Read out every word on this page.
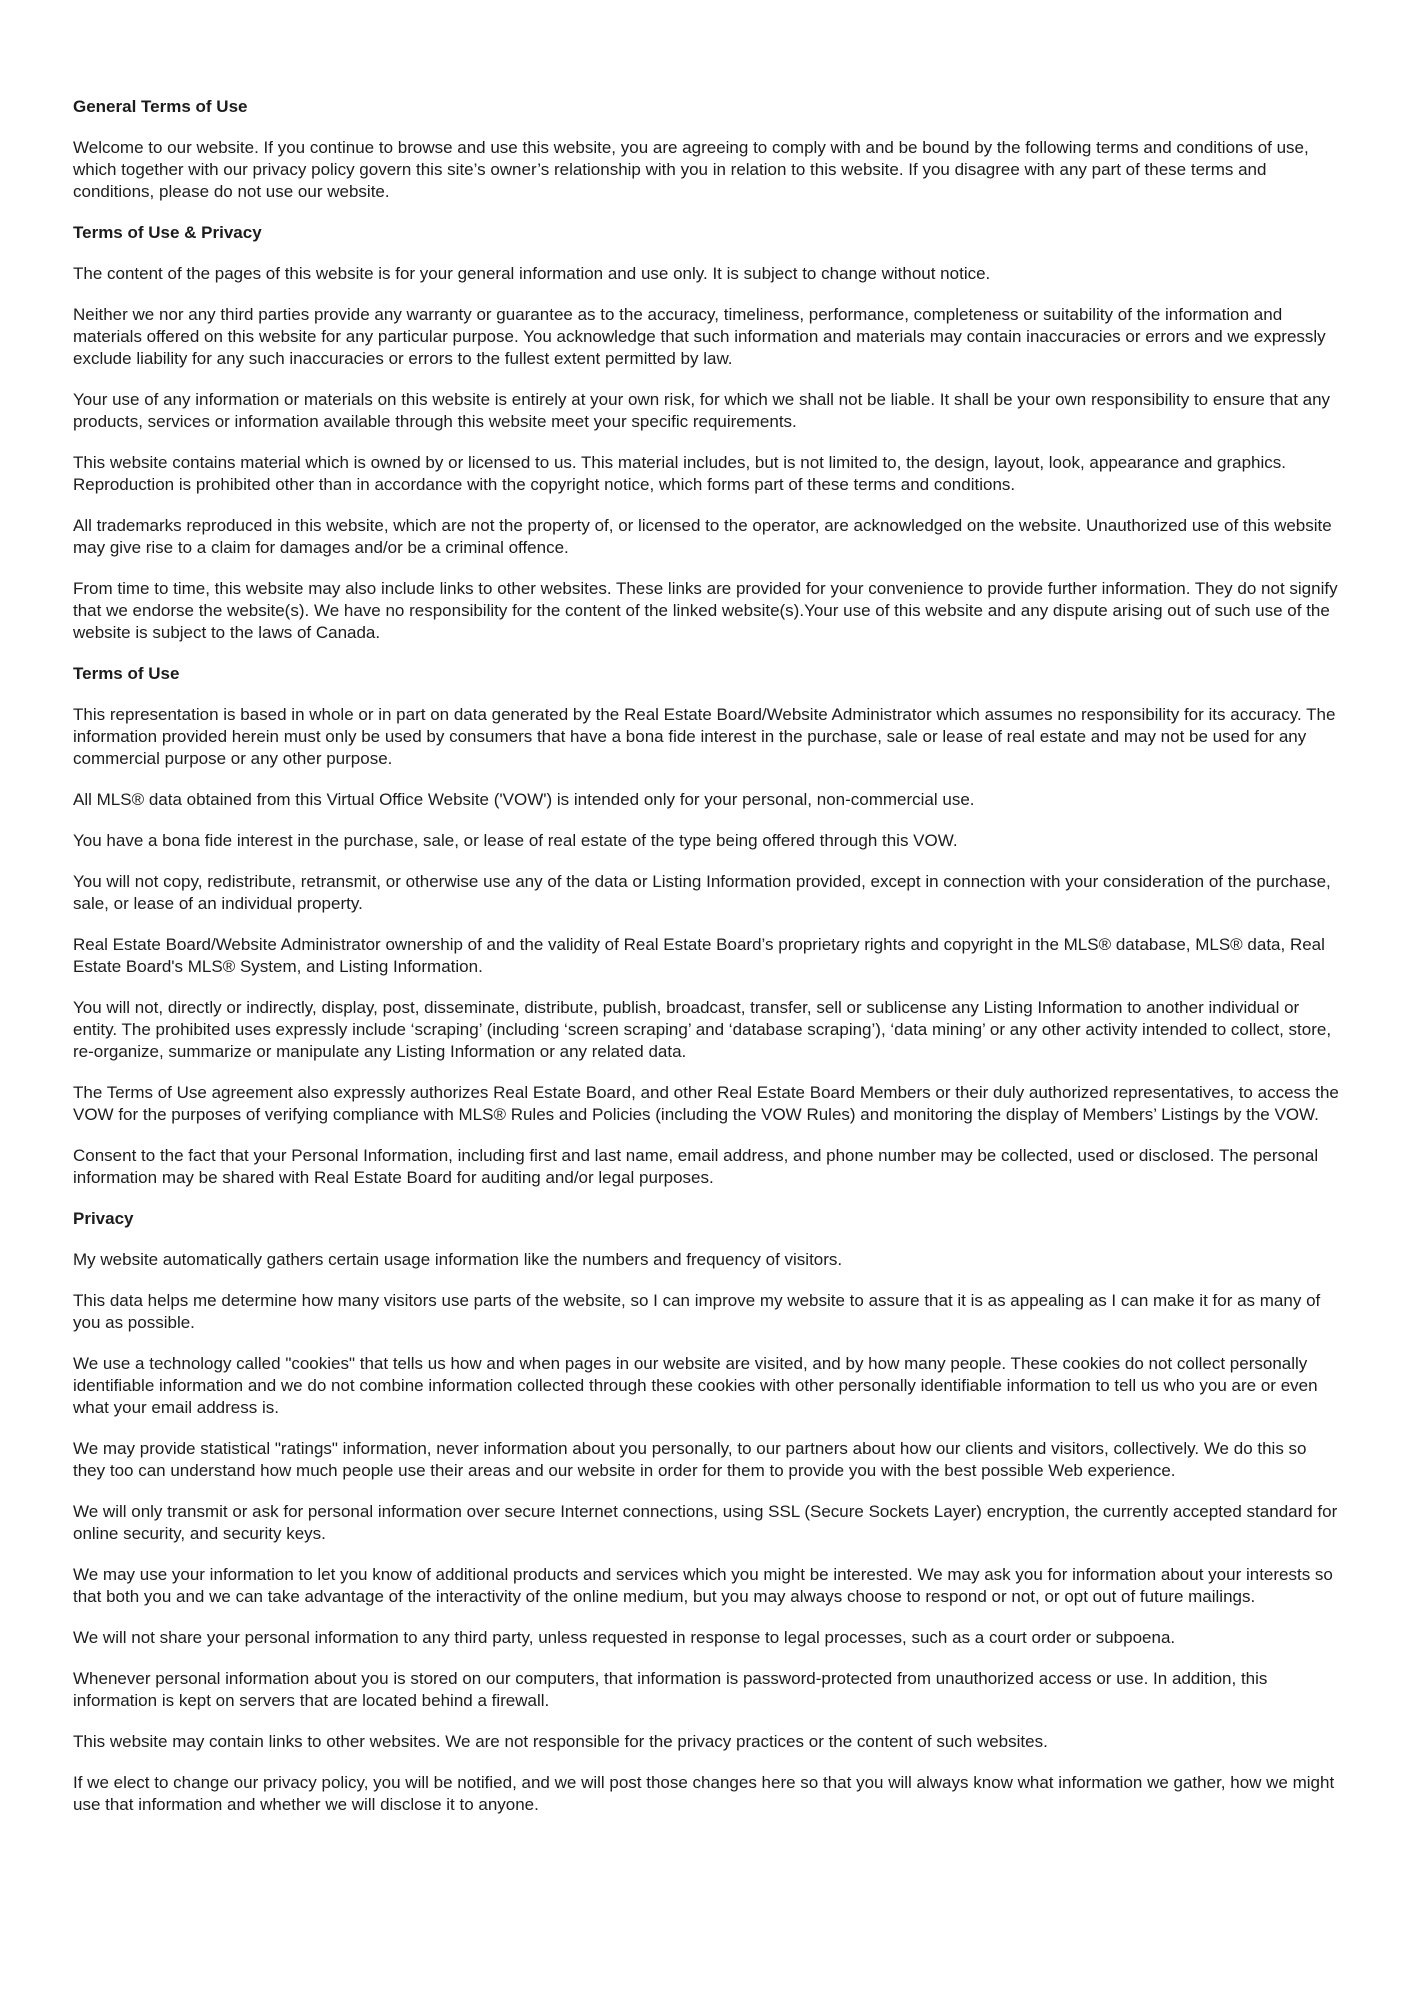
General Terms of Use

Welcome to our website. If you continue to browse and use this website, you are agreeing to comply with and be bound by the following terms and conditions of use, which together with our privacy policy govern this site’s owner’s relationship with you in relation to this website. If you disagree with any part of these terms and conditions, please do not use our website.

Terms of Use & Privacy

The content of the pages of this website is for your general information and use only. It is subject to change without notice.

Neither we nor any third parties provide any warranty or guarantee as to the accuracy, timeliness, performance, completeness or suitability of the information and materials offered on this website for any particular purpose. You acknowledge that such information and materials may contain inaccuracies or errors and we expressly exclude liability for any such inaccuracies or errors to the fullest extent permitted by law.

Your use of any information or materials on this website is entirely at your own risk, for which we shall not be liable. It shall be your own responsibility to ensure that any products, services or information available through this website meet your specific requirements.

This website contains material which is owned by or licensed to us. This material includes, but is not limited to, the design, layout, look, appearance and graphics. Reproduction is prohibited other than in accordance with the copyright notice, which forms part of these terms and conditions.

All trademarks reproduced in this website, which are not the property of, or licensed to the operator, are acknowledged on the website. Unauthorized use of this website may give rise to a claim for damages and/or be a criminal offence.

From time to time, this website may also include links to other websites. These links are provided for your convenience to provide further information. They do not signify that we endorse the website(s). We have no responsibility for the content of the linked website(s).Your use of this website and any dispute arising out of such use of the website is subject to the laws of Canada.

Terms of Use

This representation is based in whole or in part on data generated by the Real Estate Board/Website Administrator which assumes no responsibility for its accuracy. The information provided herein must only be used by consumers that have a bona fide interest in the purchase, sale or lease of real estate and may not be used for any commercial purpose or any other purpose.

All MLS® data obtained from this Virtual Office Website ('VOW') is intended only for your personal, non-commercial use.

You have a bona fide interest in the purchase, sale, or lease of real estate of the type being offered through this VOW.

You will not copy, redistribute, retransmit, or otherwise use any of the data or Listing Information provided, except in connection with your consideration of the purchase, sale, or lease of an individual property.

Real Estate Board/Website Administrator ownership of and the validity of Real Estate Board’s proprietary rights and copyright in the MLS® database, MLS® data, Real Estate Board's MLS® System, and Listing Information.

You will not, directly or indirectly, display, post, disseminate, distribute, publish, broadcast, transfer, sell or sublicense any Listing Information to another individual or entity. The prohibited uses expressly include ‘scraping’ (including ‘screen scraping’ and ‘database scraping’), ‘data mining’ or any other activity intended to collect, store, re-organize, summarize or manipulate any Listing Information or any related data.

The Terms of Use agreement also expressly authorizes Real Estate Board, and other Real Estate Board Members or their duly authorized representatives, to access the VOW for the purposes of verifying compliance with MLS® Rules and Policies (including the VOW Rules) and monitoring the display of Members’ Listings by the VOW.

Consent to the fact that your Personal Information, including first and last name, email address, and phone number may be collected, used or disclosed. The personal information may be shared with Real Estate Board for auditing and/or legal purposes.

Privacy

My website automatically gathers certain usage information like the numbers and frequency of visitors.

This data helps me determine how many visitors use parts of the website, so I can improve my website to assure that it is as appealing as I can make it for as many of you as possible.

We use a technology called "cookies" that tells us how and when pages in our website are visited, and by how many people. These cookies do not collect personally identifiable information and we do not combine information collected through these cookies with other personally identifiable information to tell us who you are or even what your email address is.

We may provide statistical "ratings" information, never information about you personally, to our partners about how our clients and visitors, collectively. We do this so they too can understand how much people use their areas and our website in order for them to provide you with the best possible Web experience.

We will only transmit or ask for personal information over secure Internet connections, using SSL (Secure Sockets Layer) encryption, the currently accepted standard for online security, and security keys.

We may use your information to let you know of additional products and services which you might be interested. We may ask you for information about your interests so that both you and we can take advantage of the interactivity of the online medium, but you may always choose to respond or not, or opt out of future mailings.

We will not share your personal information to any third party, unless requested in response to legal processes, such as a court order or subpoena.

Whenever personal information about you is stored on our computers, that information is password-protected from unauthorized access or use. In addition, this information is kept on servers that are located behind a firewall.

This website may contain links to other websites. We are not responsible for the privacy practices or the content of such websites.

If we elect to change our privacy policy, you will be notified, and we will post those changes here so that you will always know what information we gather, how we might use that information and whether we will disclose it to anyone.
